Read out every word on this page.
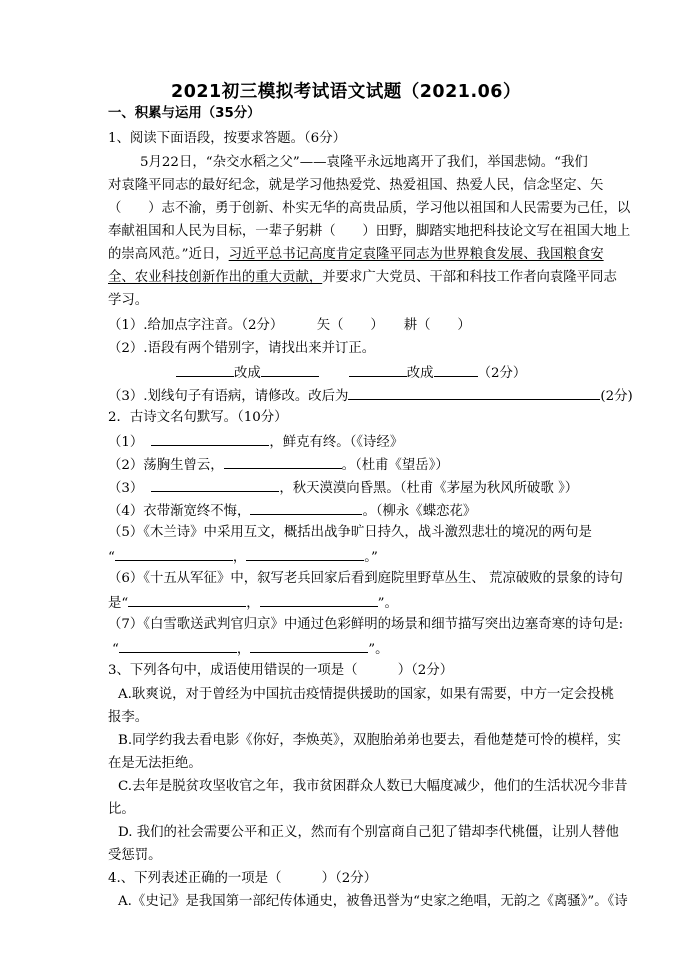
2021初三模拟考试语文试题（2021.06）
一、积累与运用（35分）
1、阅读下面语段，按要求答题。（6分）
5月22日，“杂交水稻之父”——袁隆平永远地离开了我们，举国悲恸。“我们
对袁隆平同志的最好纪念，就是学习他热爱党、热爱祖国、热爱人民，信念坚定、矢
（　　）志不渝，勇于创新、朴实无华的高贵品质，学习他以祖国和人民需要为己任，以
奉献祖国和人民为目标，一辈子躬耕（　　）田野，脚踏实地把科技论文写在祖国大地上
的崇高风范。”近日，习近平总书记高度肯定袁隆平同志为世界粮食发展、我国粮食安
全、农业科技创新作出的重大贡献，并要求广大党员、干部和科技工作者向袁隆平同志
学习。
（1）.给加点字注音。（2分）　　　矢（　　）　　耕（　　）
（2）.语段有两个错别字，请找出来并订正。
改成	改成	（2分）
（3）.划线句子有语病，请修改。改后为	(2分)
2．古诗文名句默写。（10分）
（1）	，鲜克有终。（《诗经》
（2）荡胸生曾云，	。（杜甫《望岳》）
（3）	，秋天漠漠向昏黑。（杜甫《茅屋为秋风所破歌 》）
（4）衣带渐宽终不悔，	。（柳永《蝶恋花》
（5）《木兰诗》中采用互文，概括出战争旷日持久，战斗激烈悲壮的境况的两句是
“	，	。”
（6）《十五从军征》中，叙写老兵回家后看到庭院里野草丛生、 荒凉破败的景象的诗句
是“	，	”。
（7）《白雪歌送武判官归京》中通过色彩鲜明的场景和细节描写突出边塞奇寒的诗句是:
“	，	”。
3、下列各句中，成语使用错误的一项是（　　　）（2分）
A.耿爽说，对于曾经为中国抗击疫情提供援助的国家，如果有需要，中方一定会投桃
报李。
B.同学约我去看电影《你好，李焕英》，双胞胎弟弟也要去，看他楚楚可怜的模样，实
在是无法拒绝。
C.去年是脱贫攻坚收官之年，我市贫困群众人数已大幅度减少，他们的生活状况今非昔
比。
D. 我们的社会需要公平和正义，然而有个别富商自己犯了错却李代桃僵，让别人替他
受惩罚。
4.、下列表述正确的一项是（　　　）（2分）
A.《史记》是我国第一部纪传体通史，被鲁迅誉为“史家之绝唱，无韵之《离骚》”。《诗
